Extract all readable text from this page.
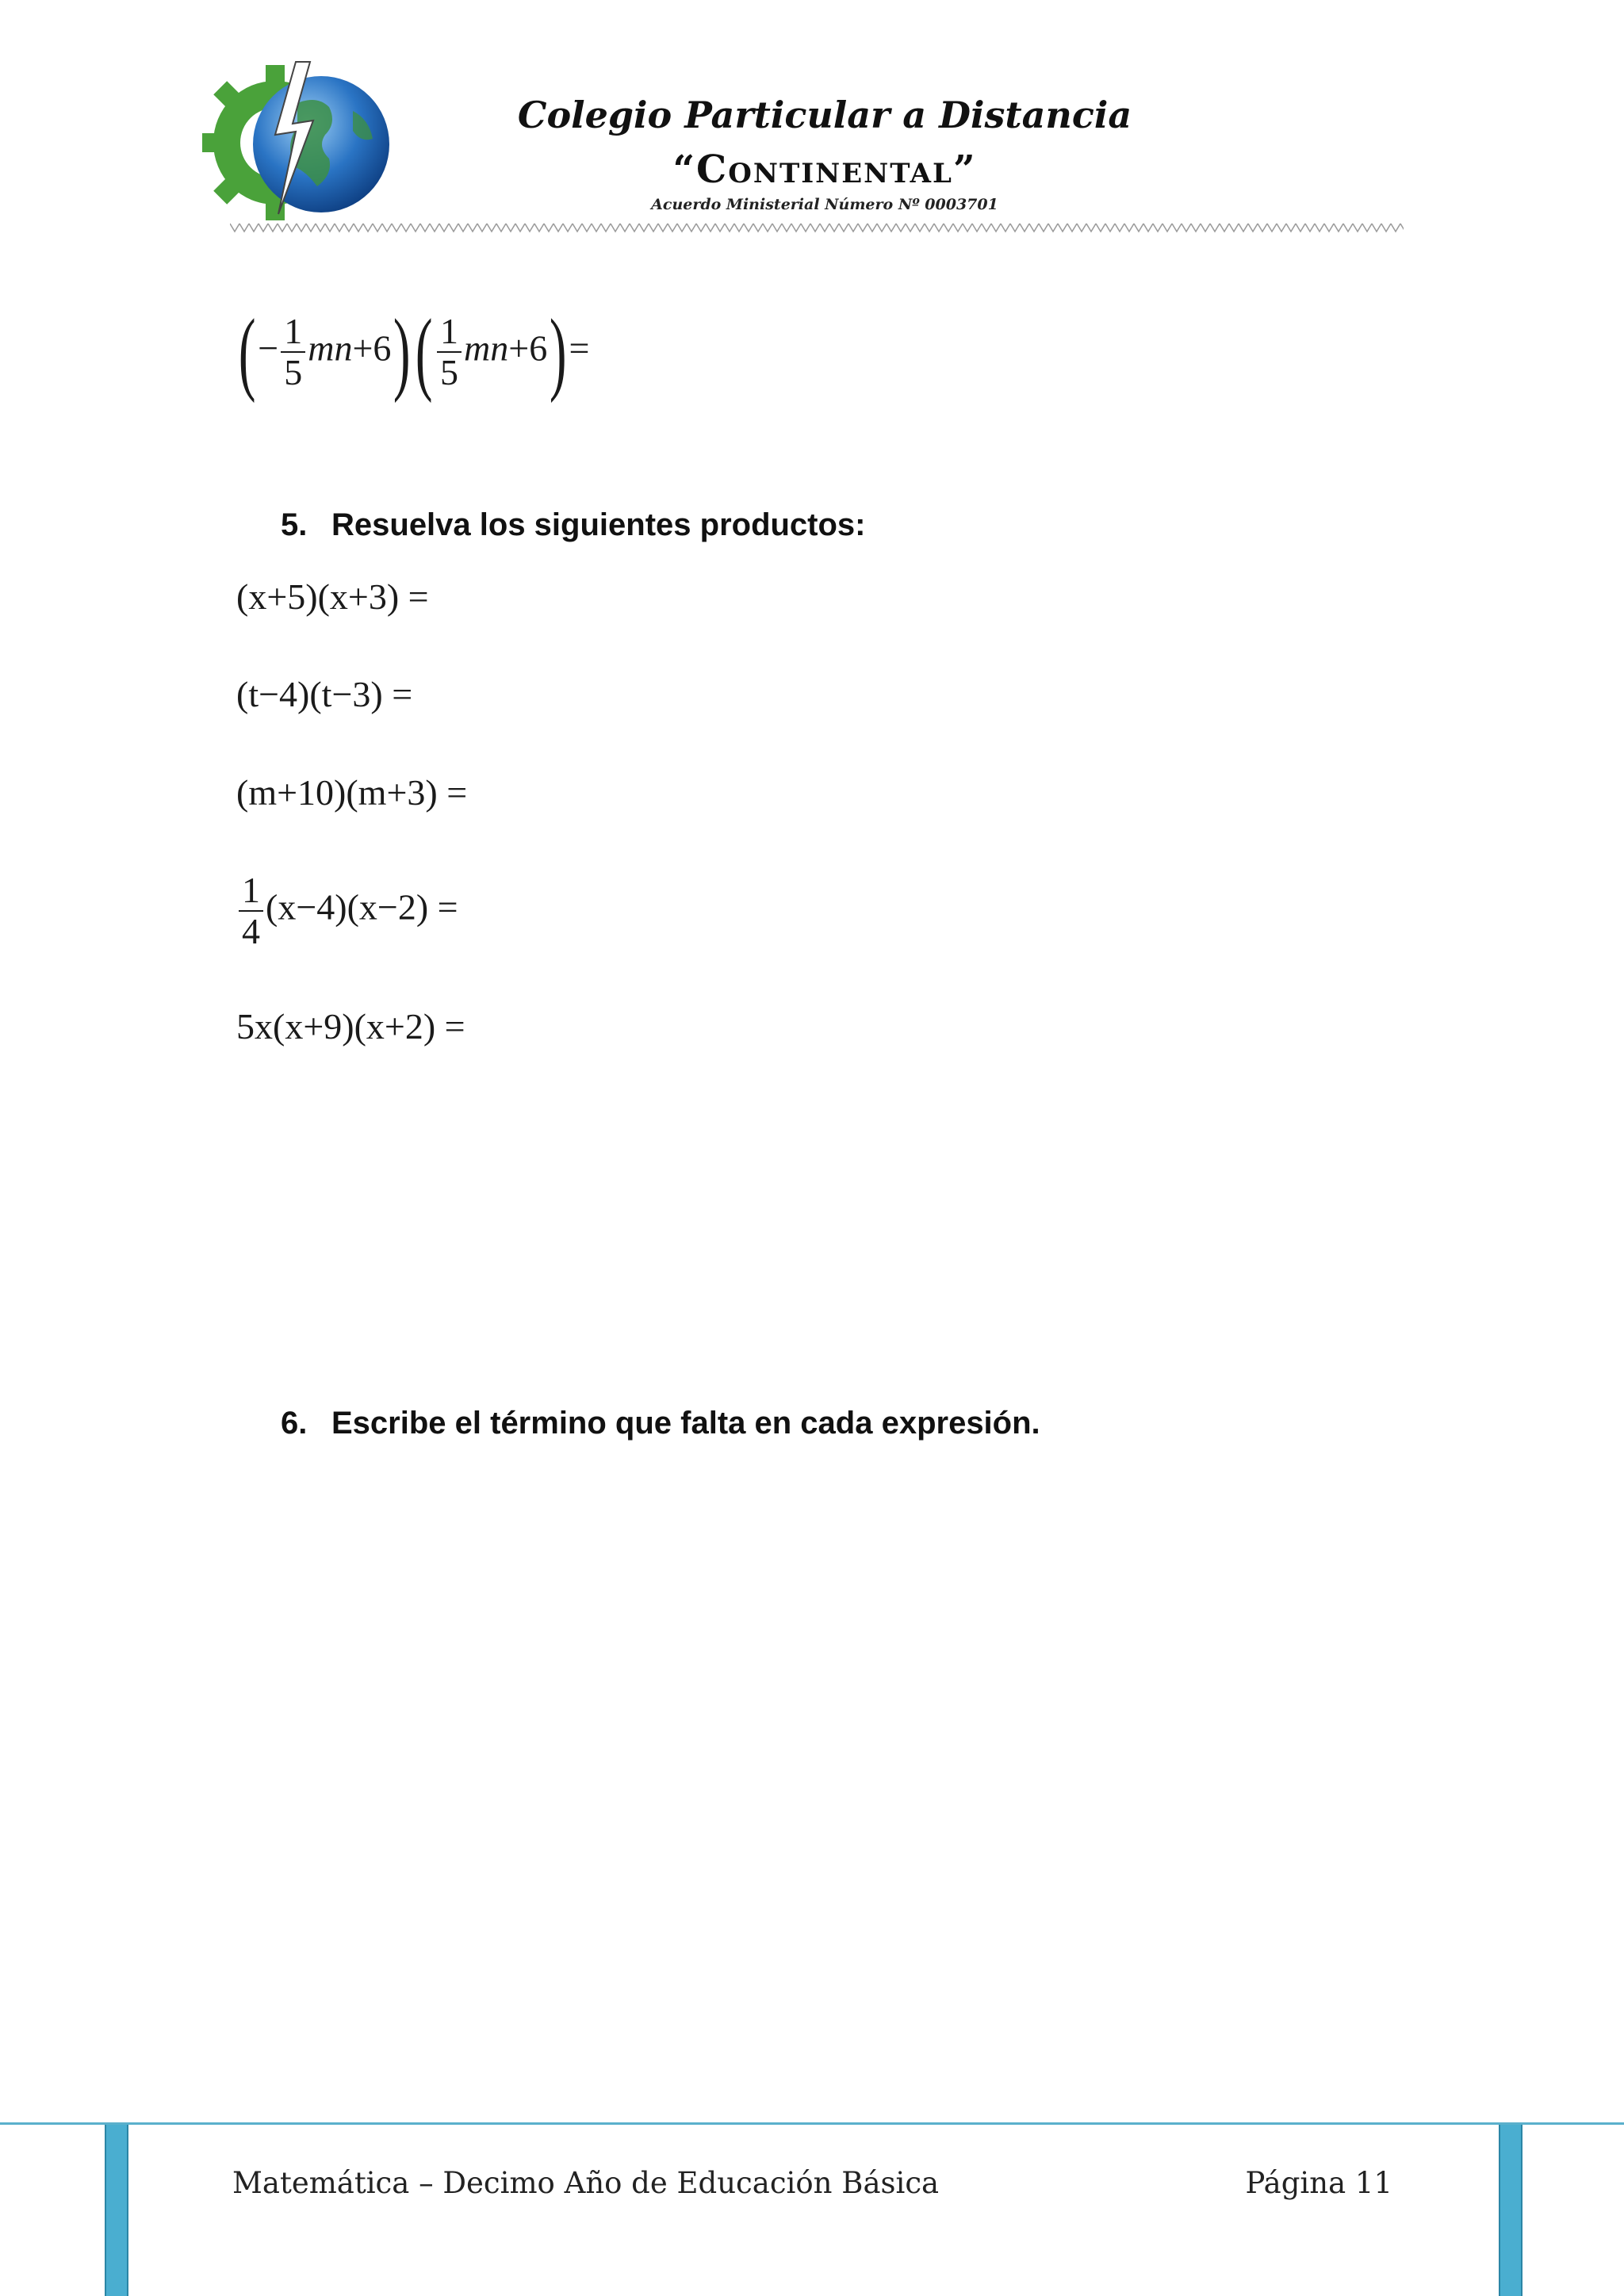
Colegio Particular a Distancia
“Continental”
Acuerdo Ministerial Número Nº 0003701
(− $\frac{1}{5} mn+6)( \frac{1}{5} mn+6)=$
5. Resuelva los siguientes productos:
(x+5)(x+3) =
(t−4)(t−3) =
(m+10)(m+3) =
$\frac{1}{4} (x-4)(x-2)$ =
5x(x+9)(x+2) =
6. Escribe el término que falta en cada expresión.
Matemática – Decimo Año de Educación Básica	Página 11
